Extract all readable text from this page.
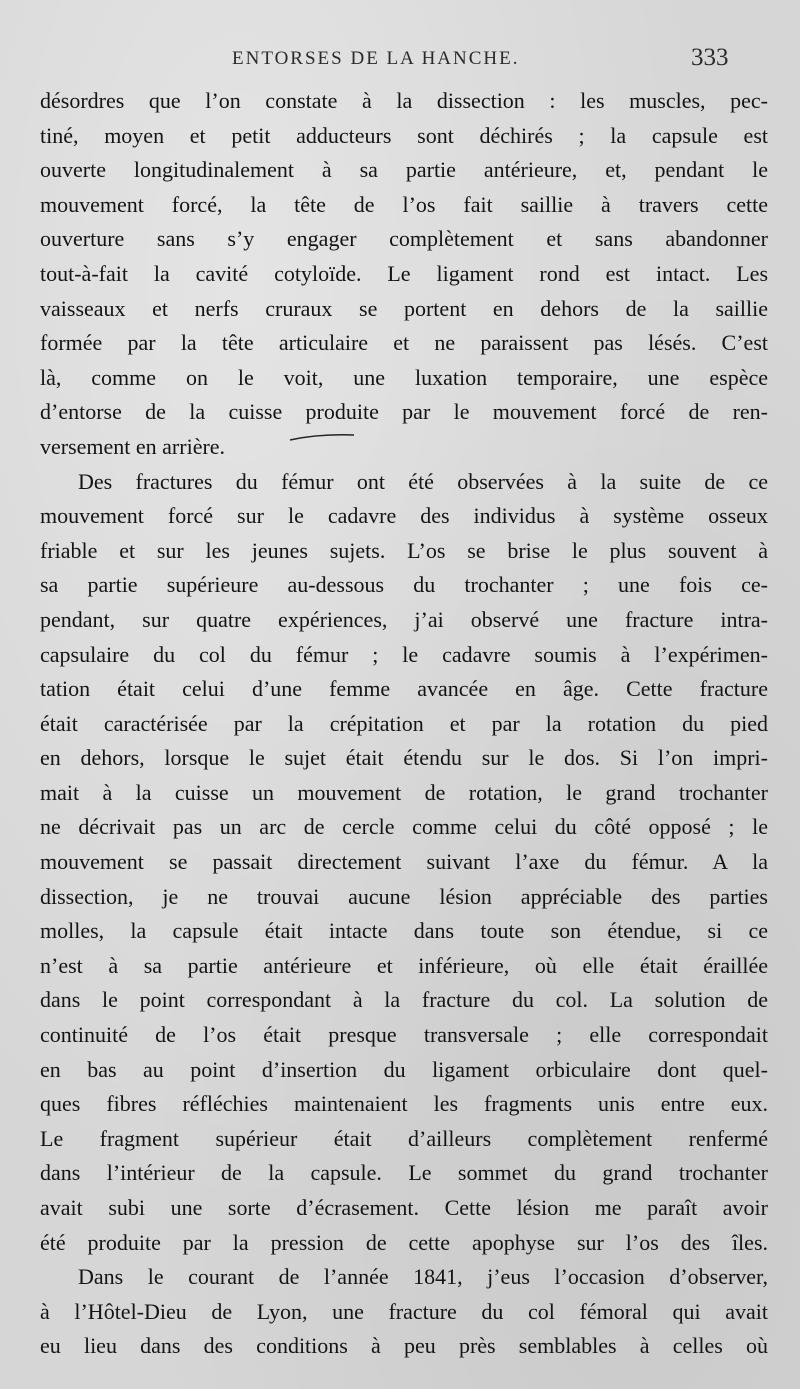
ENTORSES DE LA HANCHE.	333
désordres que l’on constate à la dissection : les muscles, pec-
tiné, moyen et petit adducteurs sont déchirés ; la capsule est
ouverte longitudinalement à sa partie antérieure, et, pendant le
mouvement forcé, la tête de l’os fait saillie à travers cette
ouverture sans s’y engager complètement et sans abandonner
tout-à-fait la cavité cotyloïde. Le ligament rond est intact. Les
vaisseaux et nerfs cruraux se portent en dehors de la saillie
formée par la tête articulaire et ne paraissent pas lésés. C’est
là, comme on le voit, une luxation temporaire, une espèce
d’entorse de la cuisse produite par le mouvement forcé de ren-
versement en arrière.
Des fractures du fémur ont été observées à la suite de ce
mouvement forcé sur le cadavre des individus à système osseux
friable et sur les jeunes sujets. L’os se brise le plus souvent à
sa partie supérieure au-dessous du trochanter ; une fois ce-
pendant, sur quatre expériences, j’ai observé une fracture intra-
capsulaire du col du fémur ; le cadavre soumis à l’expérimen-
tation était celui d’une femme avancée en âge. Cette fracture
était caractérisée par la crépitation et par la rotation du pied
en dehors, lorsque le sujet était étendu sur le dos. Si l’on impri-
mait à la cuisse un mouvement de rotation, le grand trochanter
ne décrivait pas un arc de cercle comme celui du côté opposé ; le
mouvement se passait directement suivant l’axe du fémur. A la
dissection, je ne trouvai aucune lésion appréciable des parties
molles, la capsule était intacte dans toute son étendue, si ce
n’est à sa partie antérieure et inférieure, où elle était éraillée
dans le point correspondant à la fracture du col. La solution de
continuité de l’os était presque transversale ; elle correspondait
en bas au point d’insertion du ligament orbiculaire dont quel-
ques fibres réfléchies maintenaient les fragments unis entre eux.
Le fragment supérieur était d’ailleurs complètement renfermé
dans l’intérieur de la capsule. Le sommet du grand trochanter
avait subi une sorte d’écrasement. Cette lésion me paraît avoir
été produite par la pression de cette apophyse sur l’os des îles.
Dans le courant de l’année 1841, j’eus l’occasion d’observer,
à l’Hôtel-Dieu de Lyon, une fracture du col fémoral qui avait
eu lieu dans des conditions à peu près semblables à celles où
